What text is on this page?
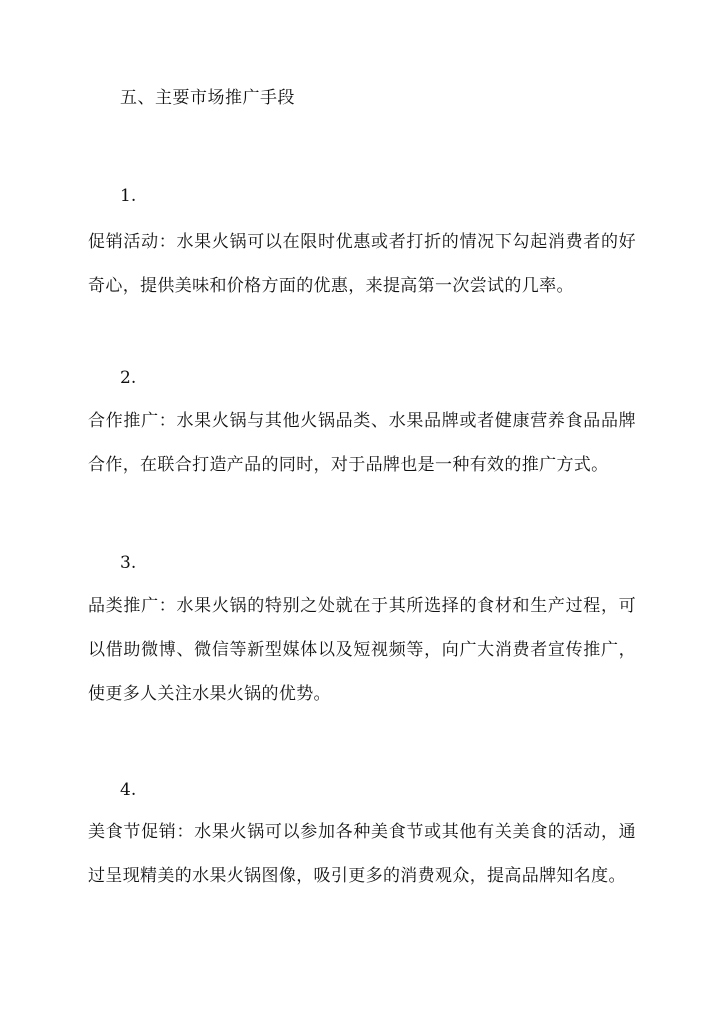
五、主要市场推广手段
1.
促销活动：水果火锅可以在限时优惠或者打折的情况下勾起消费者的好奇心，提供美味和价格方面的优惠，来提高第一次尝试的几率。
2.
合作推广：水果火锅与其他火锅品类、水果品牌或者健康营养食品品牌合作，在联合打造产品的同时，对于品牌也是一种有效的推广方式。
3.
品类推广：水果火锅的特别之处就在于其所选择的食材和生产过程，可以借助微博、微信等新型媒体以及短视频等，向广大消费者宣传推广，使更多人关注水果火锅的优势。
4.
美食节促销：水果火锅可以参加各种美食节或其他有关美食的活动，通过呈现精美的水果火锅图像，吸引更多的消费观众，提高品牌知名度。
